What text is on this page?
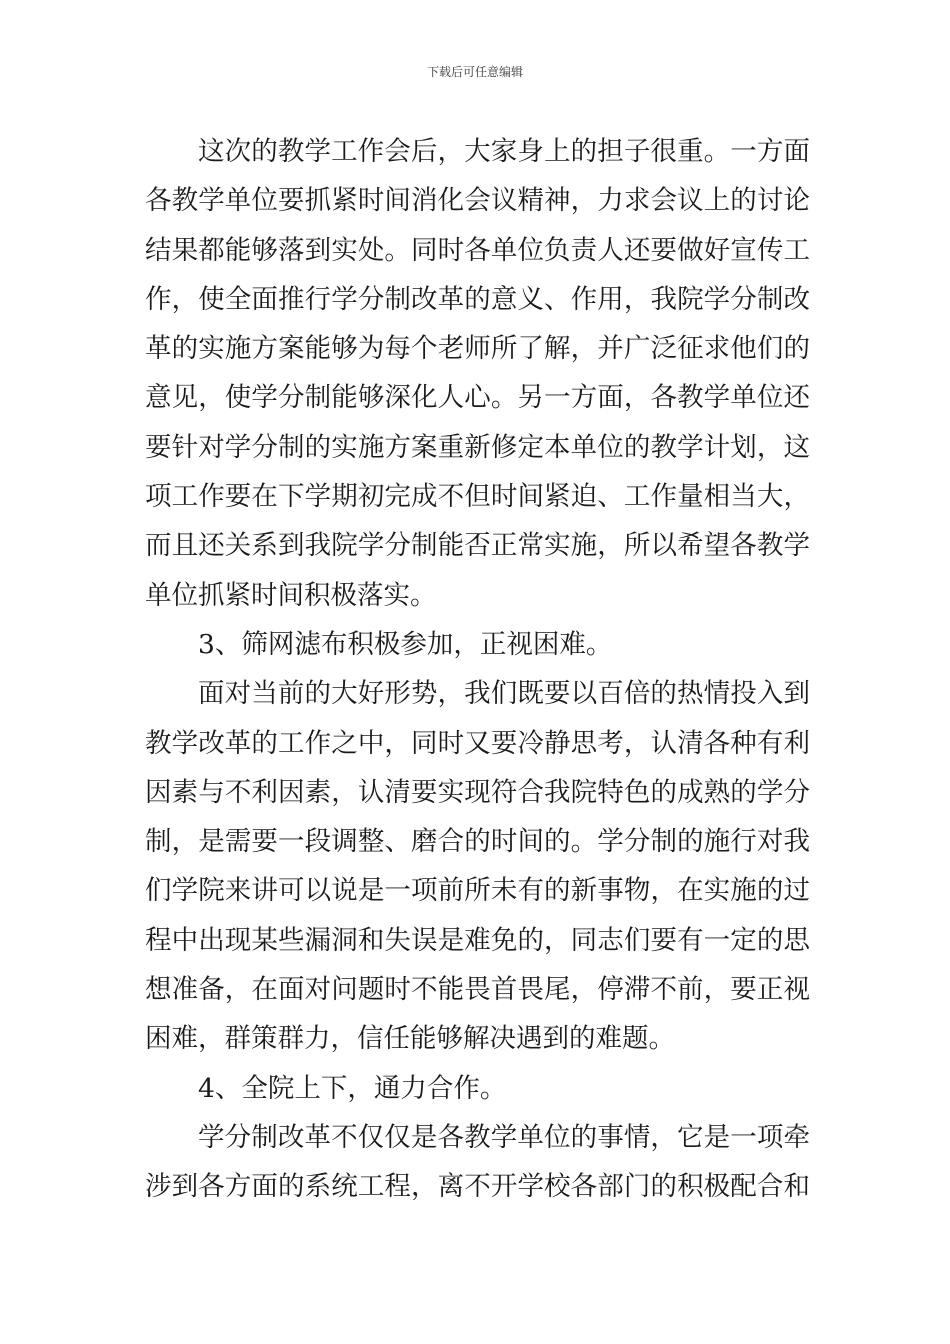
下载后可任意编辑
这次的教学工作会后，大家身上的担子很重。一方面
各教学单位要抓紧时间消化会议精神，力求会议上的讨论
结果都能够落到实处。同时各单位负责人还要做好宣传工
作，使全面推行学分制改革的意义、作用，我院学分制改
革的实施方案能够为每个老师所了解，并广泛征求他们的
意见，使学分制能够深化人心。另一方面，各教学单位还
要针对学分制的实施方案重新修定本单位的教学计划，这
项工作要在下学期初完成不但时间紧迫、工作量相当大，
而且还关系到我院学分制能否正常实施，所以希望各教学
单位抓紧时间积极落实。
3、筛网滤布积极参加，正视困难。
面对当前的大好形势，我们既要以百倍的热情投入到
教学改革的工作之中，同时又要冷静思考，认清各种有利
因素与不利因素，认清要实现符合我院特色的成熟的学分
制，是需要一段调整、磨合的时间的。学分制的施行对我
们学院来讲可以说是一项前所未有的新事物，在实施的过
程中出现某些漏洞和失误是难免的，同志们要有一定的思
想准备，在面对问题时不能畏首畏尾，停滞不前，要正视
困难，群策群力，信任能够解决遇到的难题。
4、全院上下，通力合作。
学分制改革不仅仅是各教学单位的事情，它是一项牵
涉到各方面的系统工程，离不开学校各部门的积极配合和
